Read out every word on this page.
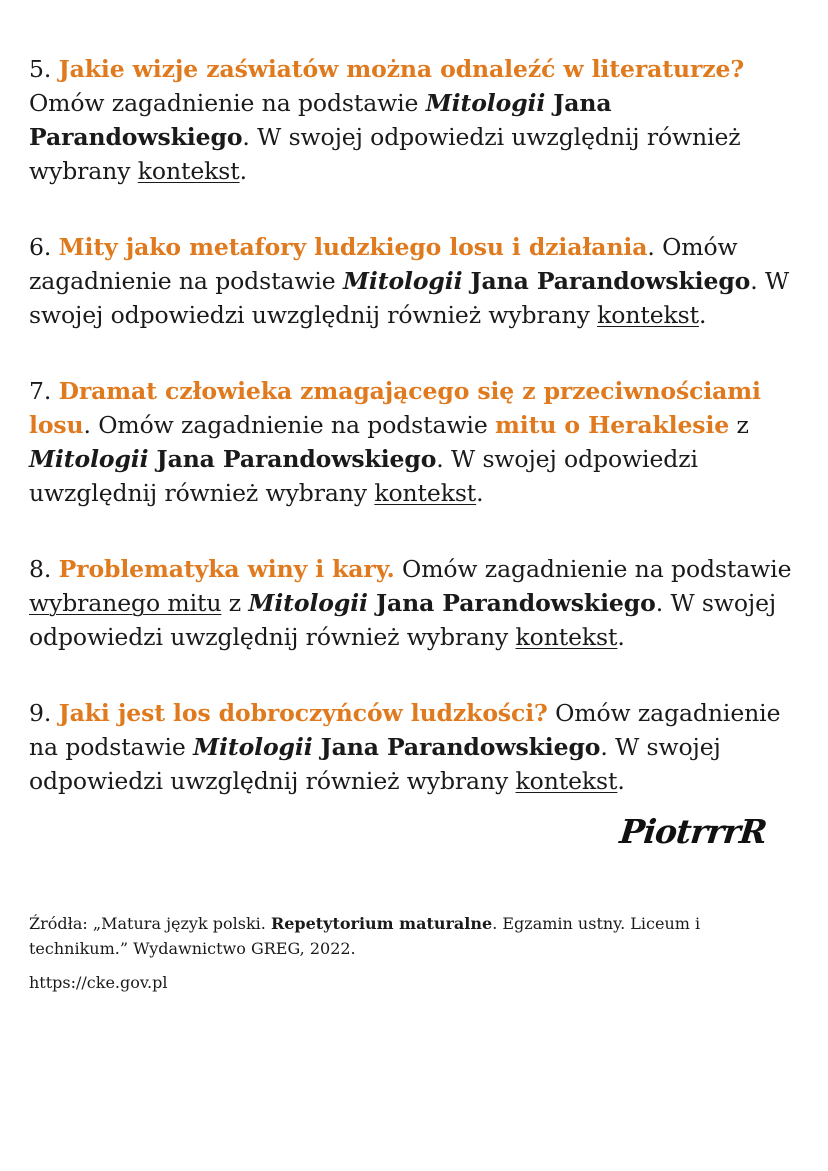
5. Jakie wizje zaświatów można odnaleźć w literaturze? Omów zagadnienie na podstawie Mitologii Jana Parandowskiego. W swojej odpowiedzi uwzględnij również wybrany kontekst.

6. Mity jako metafory ludzkiego losu i działania. Omów zagadnienie na podstawie Mitologii Jana Parandowskiego. W swojej odpowiedzi uwzględnij również wybrany kontekst.

7. Dramat człowieka zmagającego się z przeciwnościami losu. Omów zagadnienie na podstawie mitu o Heraklesie z Mitologii Jana Parandowskiego. W swojej odpowiedzi uwzględnij również wybrany kontekst.

8. Problematyka winy i kary. Omów zagadnienie na podstawie wybranego mitu z Mitologii Jana Parandowskiego. W swojej odpowiedzi uwzględnij również wybrany kontekst.

9. Jaki jest los dobroczyńców ludzkości? Omów zagadnienie na podstawie Mitologii Jana Parandowskiego. W swojej odpowiedzi uwzględnij również wybrany kontekst.

PiotrrrR
Źródła: „Matura język polski. Repetytorium maturalne. Egzamin ustny. Liceum i technikum.” Wydawnictwo GREG, 2022.
https://cke.gov.pl
